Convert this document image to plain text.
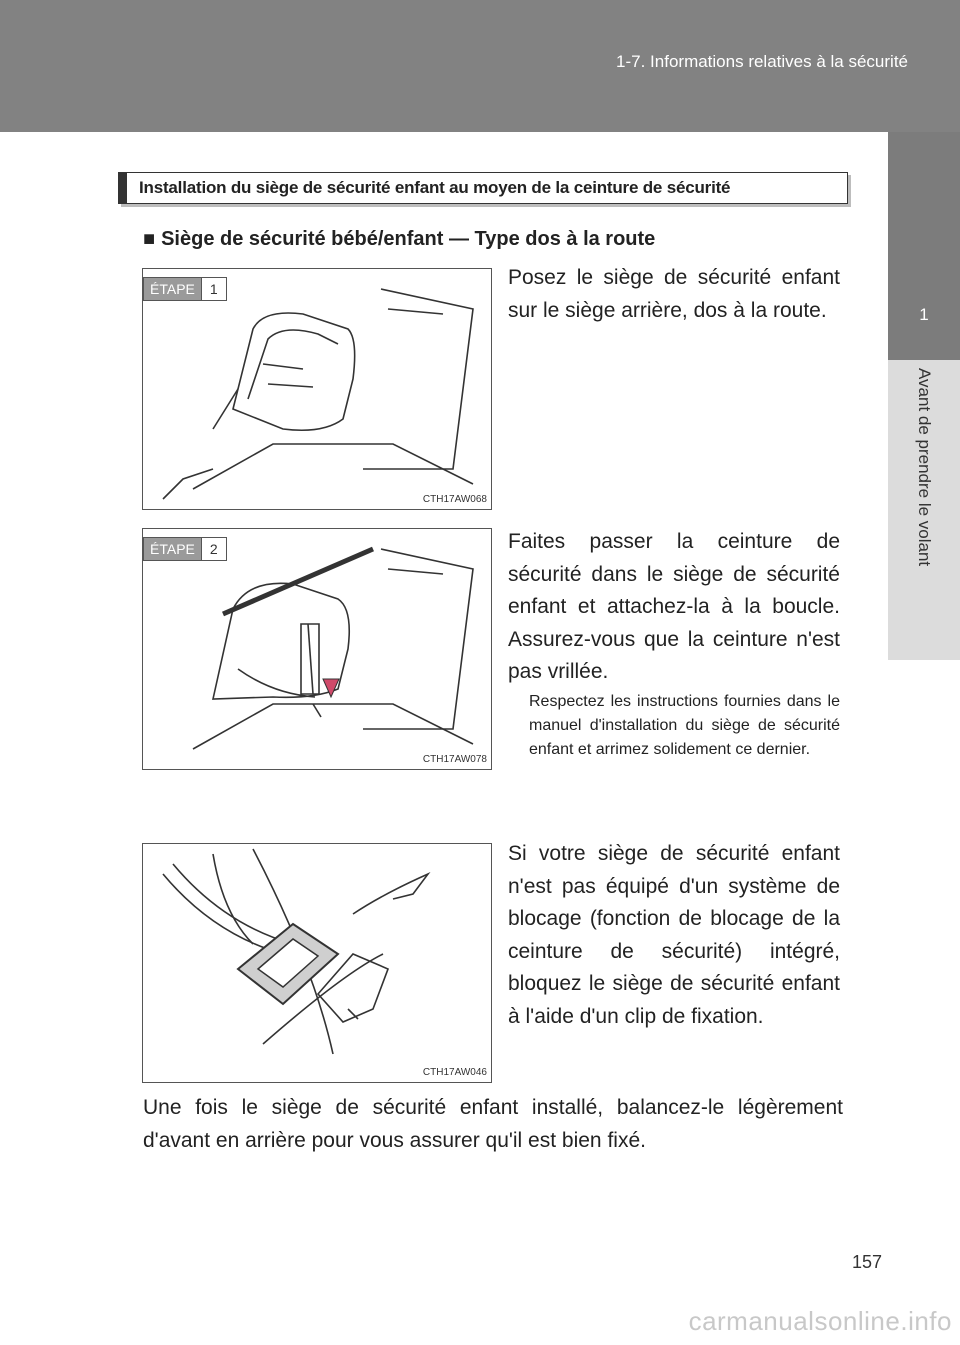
1-7. Informations relatives à la sécurité
1
Avant de prendre le volant
Installation du siège de sécurité enfant au moyen de la ceinture de sécurité
■ Siège de sécurité bébé/enfant — Type dos à la route
ÉTAPE	1
CTH17AW068
Posez le siège de sécurité enfant sur le siège arrière, dos à la route.
ÉTAPE	2
CTH17AW078
Faites passer la ceinture de sécurité dans le siège de sécurité enfant et attachez-la à la boucle. Assurez-vous que la ceinture n'est pas vrillée.
Respectez les instructions fournies dans le manuel d'installation du siège de sécurité enfant et arrimez solidement ce dernier.
CTH17AW046
Si votre siège de sécurité enfant n'est pas équipé d'un système de blocage (fonction de blocage de la ceinture de sécurité) intégré, bloquez le siège de sécurité enfant à l'aide d'un clip de fixation.
Une fois le siège de sécurité enfant installé, balancez-le légèrement d'avant en arrière pour vous assurer qu'il est bien fixé.
157
carmanualsonline.info
